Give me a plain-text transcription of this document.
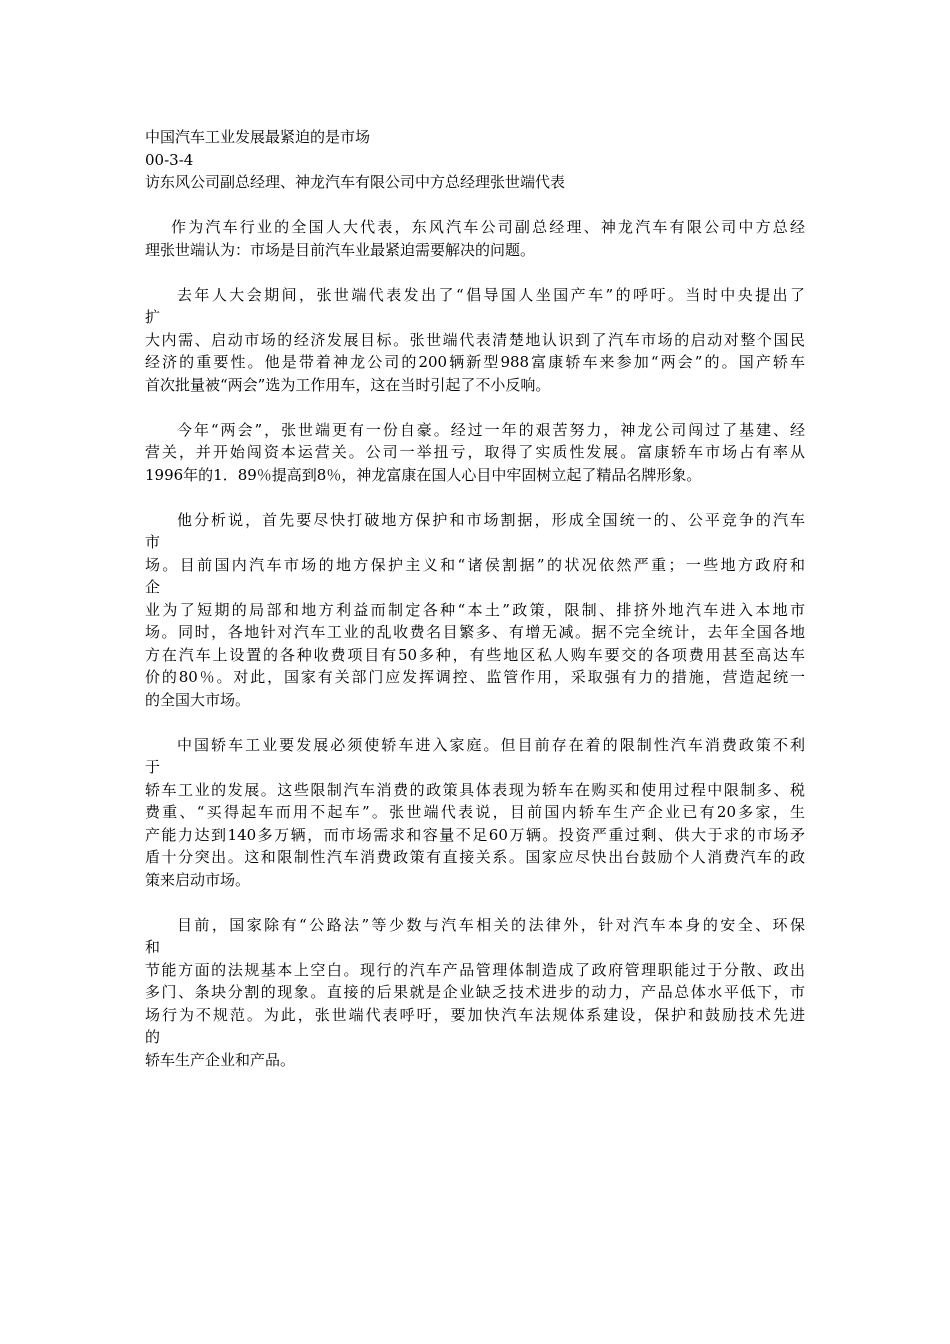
中国汽车工业发展最紧迫的是市场
00-3-4
访东风公司副总经理、神龙汽车有限公司中方总经理张世端代表
作为汽车行业的全国人大代表，东风汽车公司副总经理、神龙汽车有限公司中方总经
理张世端认为：市场是目前汽车业最紧迫需要解决的问题。
去年人大会期间，张世端代表发出了“倡导国人坐国产车”的呼吁。当时中央提出了
扩
大内需、启动市场的经济发展目标。张世端代表清楚地认识到了汽车市场的启动对整个国民
经济的重要性。他是带着神龙公司的200辆新型988富康轿车来参加“两会”的。国产轿车
首次批量被“两会”选为工作用车，这在当时引起了不小反响。
今年“两会”，张世端更有一份自豪。经过一年的艰苦努力，神龙公司闯过了基建、经
营关，并开始闯资本运营关。公司一举扭亏，取得了实质性发展。富康轿车市场占有率从
1996年的1．89％提高到8％，神龙富康在国人心目中牢固树立起了精品名牌形象。
他分析说，首先要尽快打破地方保护和市场割据，形成全国统一的、公平竞争的汽车
市
场。目前国内汽车市场的地方保护主义和“诸侯割据”的状况依然严重；一些地方政府和
企
业为了短期的局部和地方利益而制定各种“本土”政策，限制、排挤外地汽车进入本地市
场。同时，各地针对汽车工业的乱收费名目繁多、有增无减。据不完全统计，去年全国各地
方在汽车上设置的各种收费项目有50多种，有些地区私人购车要交的各项费用甚至高达车
价的80％。对此，国家有关部门应发挥调控、监管作用，采取强有力的措施，营造起统一
的全国大市场。
中国轿车工业要发展必须使轿车进入家庭。但目前存在着的限制性汽车消费政策不利
于
轿车工业的发展。这些限制汽车消费的政策具体表现为轿车在购买和使用过程中限制多、税
费重、“买得起车而用不起车”。张世端代表说，目前国内轿车生产企业已有20多家，生
产能力达到140多万辆，而市场需求和容量不足60万辆。投资严重过剩、供大于求的市场矛
盾十分突出。这和限制性汽车消费政策有直接关系。国家应尽快出台鼓励个人消费汽车的政
策来启动市场。
目前，国家除有“公路法”等少数与汽车相关的法律外，针对汽车本身的安全、环保
和
节能方面的法规基本上空白。现行的汽车产品管理体制造成了政府管理职能过于分散、政出
多门、条块分割的现象。直接的后果就是企业缺乏技术进步的动力，产品总体水平低下，市
场行为不规范。为此，张世端代表呼吁，要加快汽车法规体系建设，保护和鼓励技术先进
的
轿车生产企业和产品。
